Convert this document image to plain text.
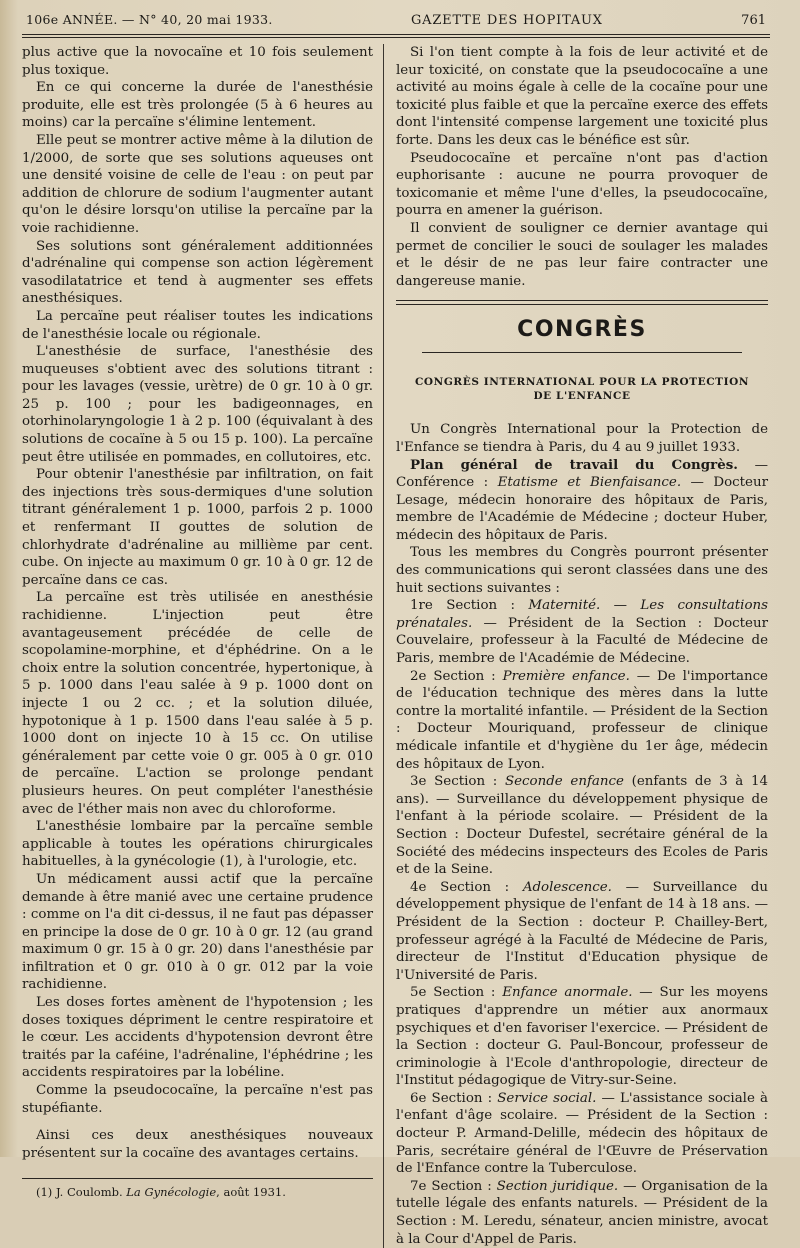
106e ANNÉE. — N° 40, 20 mai 1933.	GAZETTE DES HOPITAUX	761

plus active que la novocaïne et 10 fois seulement plus toxique.

En ce qui concerne la durée de l'anesthésie produite, elle est très prolongée (5 à 6 heures au moins) car la percaïne s'élimine lentement.

Elle peut se montrer active même à la dilution de 1/2000, de sorte que ses solutions aqueuses ont une densité voisine de celle de l'eau : on peut par addition de chlorure de sodium l'augmenter autant qu'on le désire lorsqu'on utilise la percaïne par la voie rachidienne.

Ses solutions sont généralement additionnées d'adrénaline qui compense son action légèrement vasodilatatrice et tend à augmenter ses effets anesthésiques.

La percaïne peut réaliser toutes les indications de l'anesthésie locale ou régionale.

L'anesthésie de surface, l'anesthésie des muqueuses s'obtient avec des solutions titrant : pour les lavages (vessie, urètre) de 0 gr. 10 à 0 gr. 25 p. 100 ; pour les badigeonnages, en otorhinolaryngologie 1 à 2 p. 100 (équivalant à des solutions de cocaïne à 5 ou 15 p. 100). La percaïne peut être utilisée en pommades, en collutoires, etc.

Pour obtenir l'anesthésie par infiltration, on fait des injections très sous-dermiques d'une solution titrant généralement 1 p. 1000, parfois 2 p. 1000 et renfermant II gouttes de solution de chlorhydrate d'adrénaline au millième par cent. cube. On injecte au maximum 0 gr. 10 à 0 gr. 12 de percaïne dans ce cas.

La percaïne est très utilisée en anesthésie rachidienne. L'injection peut être avantageusement précédée de celle de scopolamine-morphine, et d'éphédrine. On a le choix entre la solution concentrée, hypertonique, à 5 p. 1000 dans l'eau salée à 9 p. 1000 dont on injecte 1 ou 2 cc. ; et la solution diluée, hypotonique à 1 p. 1500 dans l'eau salée à 5 p. 1000 dont on injecte 10 à 15 cc. On utilise généralement par cette voie 0 gr. 005 à 0 gr. 010 de percaïne. L'action se prolonge pendant plusieurs heures. On peut compléter l'anesthésie avec de l'éther mais non avec du chloroforme.

L'anesthésie lombaire par la percaïne semble applicable à toutes les opérations chirurgicales habituelles, à la gynécologie (1), à l'urologie, etc.

Un médicament aussi actif que la percaïne demande à être manié avec une certaine prudence : comme on l'a dit ci-dessus, il ne faut pas dépasser en principe la dose de 0 gr. 10 à 0 gr. 12 (au grand maximum 0 gr. 15 à 0 gr. 20) dans l'anesthésie par infiltration et 0 gr. 010 à 0 gr. 012 par la voie rachidienne.

Les doses fortes amènent de l'hypotension ; les doses toxiques dépriment le centre respiratoire et le cœur. Les accidents d'hypotension devront être traités par la caféine, l'adrénaline, l'éphédrine ; les accidents respiratoires par la lobéline.

Comme la pseudococaïne, la percaïne n'est pas stupéfiante.

Ainsi ces deux anesthésiques nouveaux présentent sur la cocaïne des avantages certains.

(1) J. Coulomb. La Gynécologie, août 1931.

Si l'on tient compte à la fois de leur activité et de leur toxicité, on constate que la pseudococaïne a une activité au moins égale à celle de la cocaïne pour une toxicité plus faible et que la percaïne exerce des effets dont l'intensité compense largement une toxicité plus forte. Dans les deux cas le bénéfice est sûr.

Pseudococaïne et percaïne n'ont pas d'action euphorisante : aucune ne pourra provoquer de toxicomanie et même l'une d'elles, la pseudococaïne, pourra en amener la guérison.

Il convient de souligner ce dernier avantage qui permet de concilier le souci de soulager les malades et le désir de ne pas leur faire contracter une dangereuse manie.

CONGRÈS
CONGRÈS INTERNATIONAL POUR LA PROTECTION
DE L'ENFANCE

Un Congrès International pour la Protection de l'Enfance se tiendra à Paris, du 4 au 9 juillet 1933.

Plan général de travail du Congrès. — Conférence : Etatisme et Bienfaisance. — Docteur Lesage, médecin honoraire des hôpitaux de Paris, membre de l'Académie de Médecine ; docteur Huber, médecin des hôpitaux de Paris.

Tous les membres du Congrès pourront présenter des communications qui seront classées dans une des huit sections suivantes :

1re Section : Maternité. — Les consultations prénatales. — Président de la Section : Docteur Couvelaire, professeur à la Faculté de Médecine de Paris, membre de l'Académie de Médecine.

2e Section : Première enfance. — De l'importance de l'éducation technique des mères dans la lutte contre la mortalité infantile. — Président de la Section : Docteur Mouriquand, professeur de clinique médicale infantile et d'hygiène du 1er âge, médecin des hôpitaux de Lyon.

3e Section : Seconde enfance (enfants de 3 à 14 ans). — Surveillance du développement physique de l'enfant à la période scolaire. — Président de la Section : Docteur Dufestel, secrétaire général de la Société des médecins inspecteurs des Ecoles de Paris et de la Seine.

4e Section : Adolescence. — Surveillance du développement physique de l'enfant de 14 à 18 ans. — Président de la Section : docteur P. Chailley-Bert, professeur agrégé à la Faculté de Médecine de Paris, directeur de l'Institut d'Education physique de l'Université de Paris.

5e Section : Enfance anormale. — Sur les moyens pratiques d'apprendre un métier aux anormaux psychiques et d'en favoriser l'exercice. — Président de la Section : docteur G. Paul-Boncour, professeur de criminologie à l'Ecole d'anthropologie, directeur de l'Institut pédagogique de Vitry-sur-Seine.

6e Section : Service social. — L'assistance sociale à l'enfant d'âge scolaire. — Président de la Section : docteur P. Armand-Delille, médecin des hôpitaux de Paris, secrétaire général de l'Œuvre de Préservation de l'Enfance contre la Tuberculose.

7e Section : Section juridique. — Organisation de la tutelle légale des enfants naturels. — Président de la Section : M. Leredu, sénateur, ancien ministre, avocat à la Cour d'Appel de Paris.
